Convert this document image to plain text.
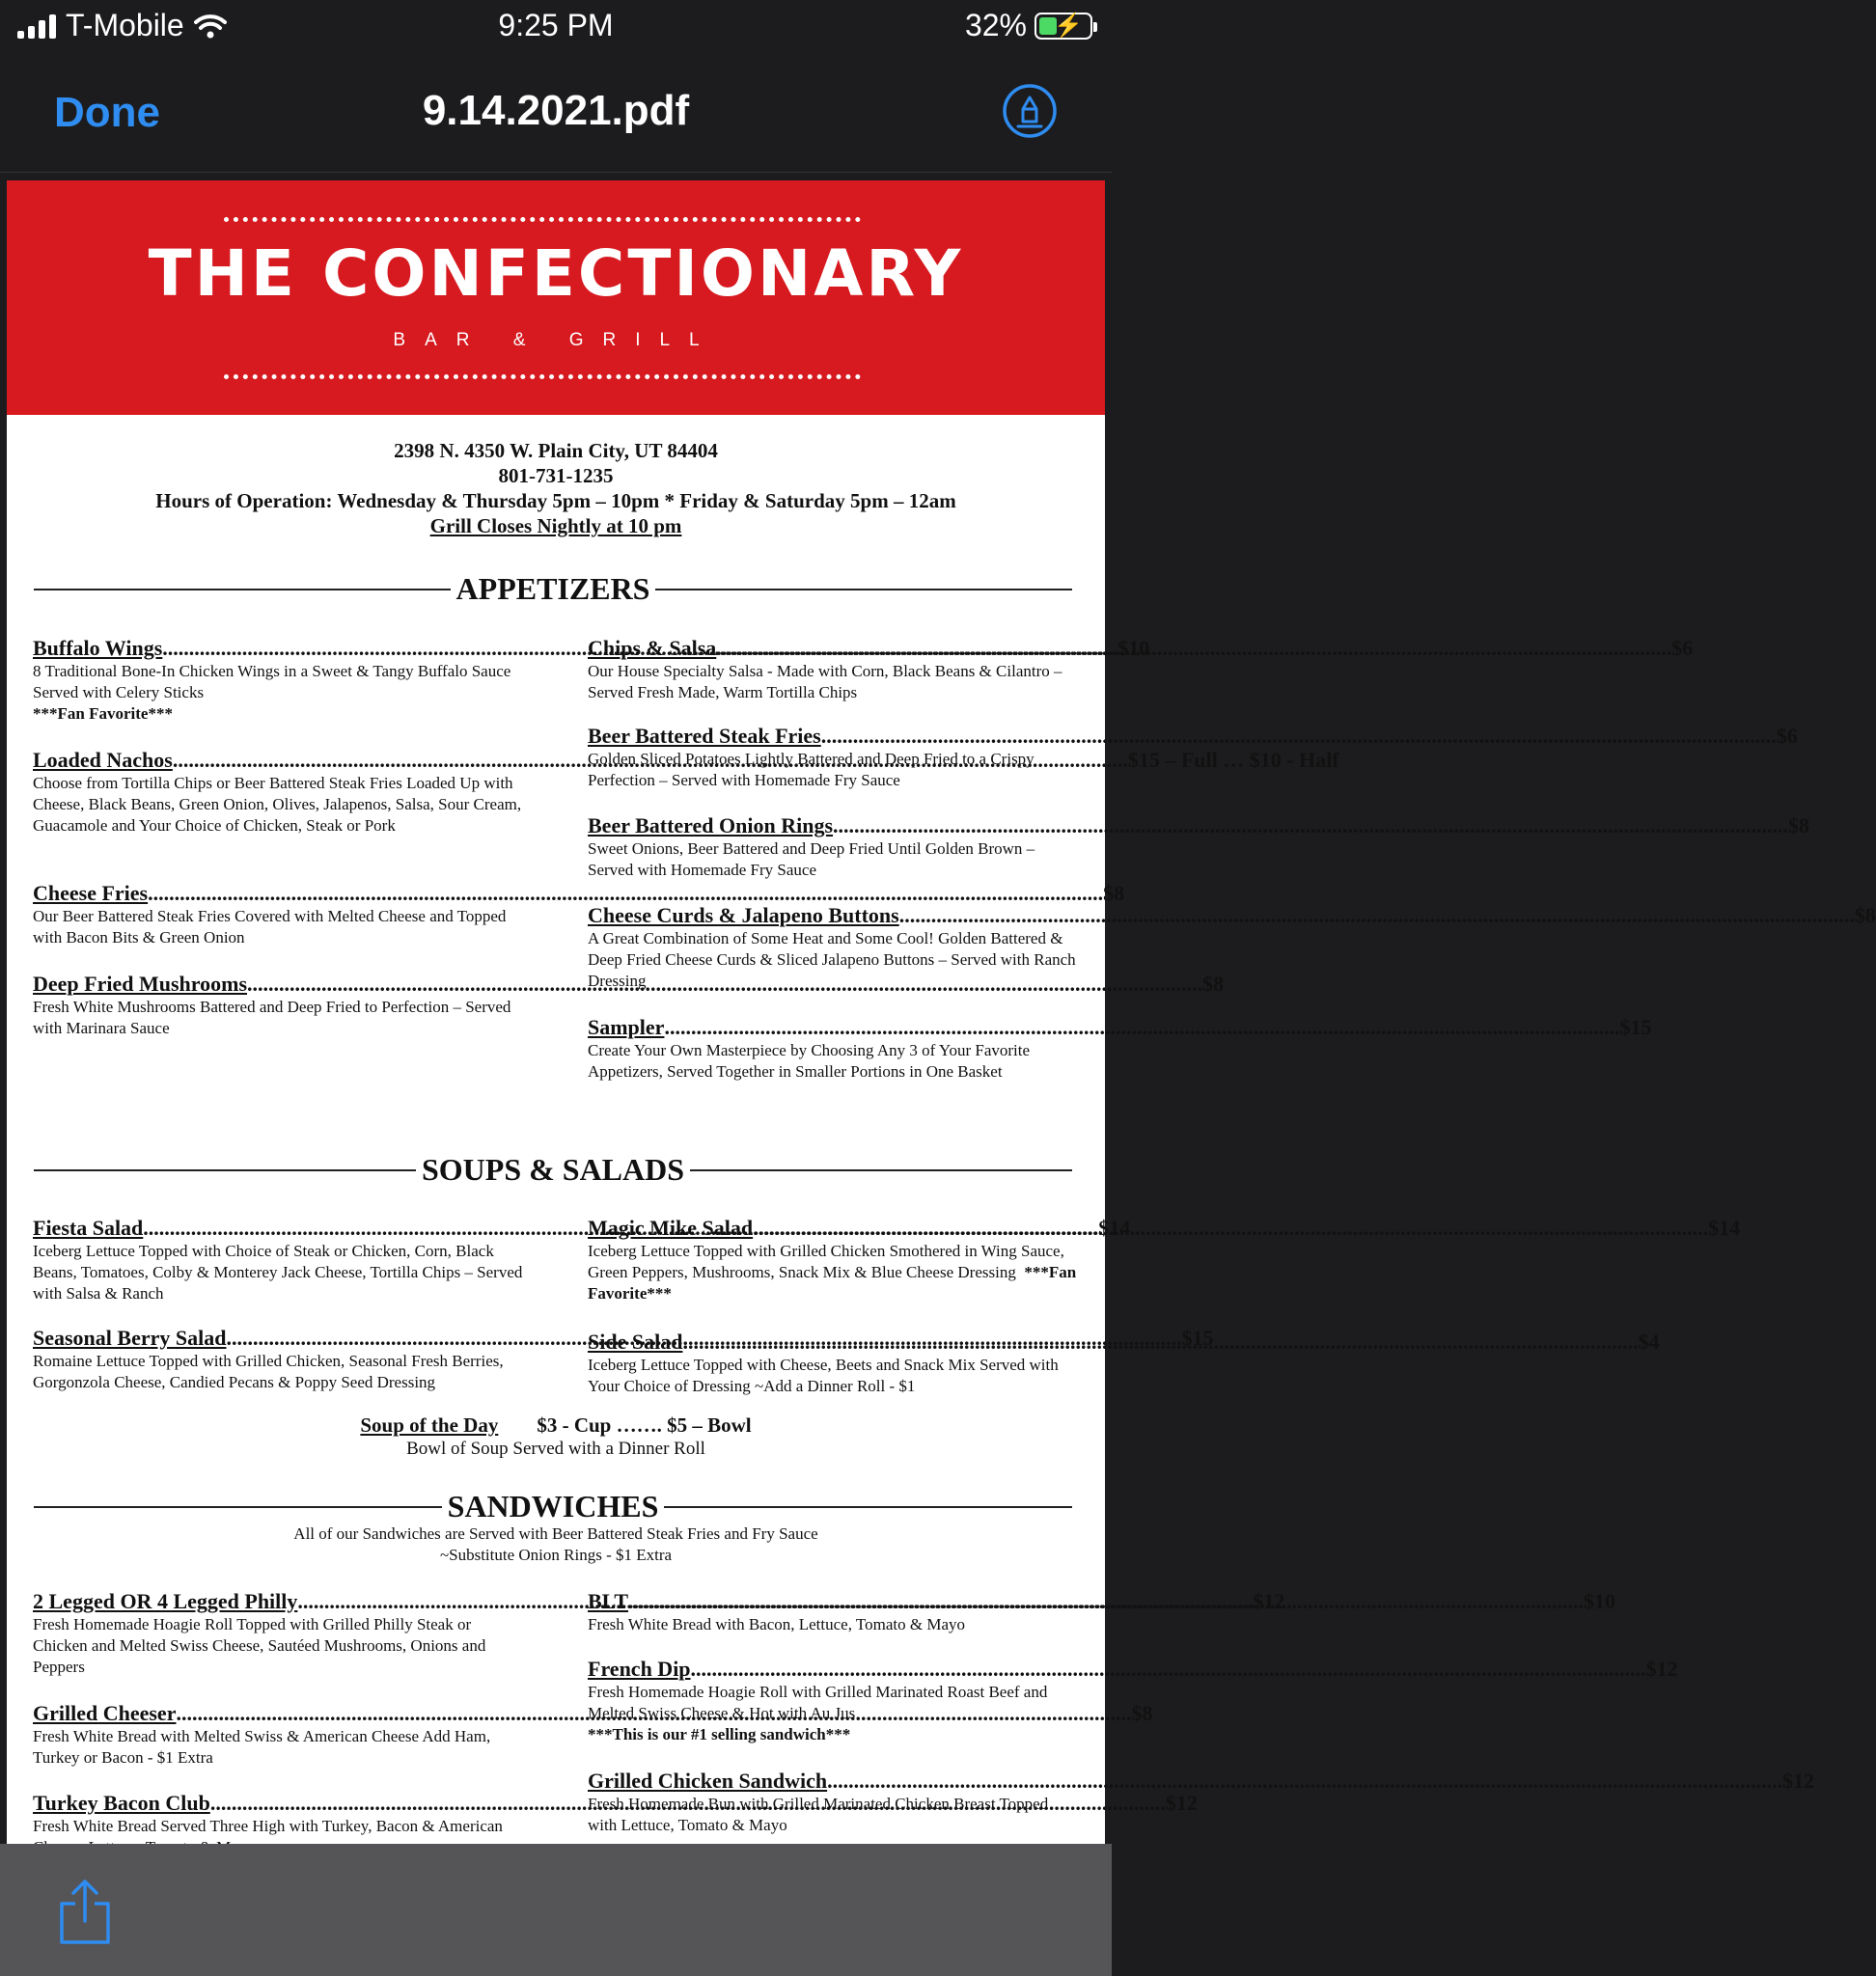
T-Mobile	9:25 PM	32% ⚡
Done	9.14.2021.pdf
THE CONFECTIONARY
BAR & GRILL
2398 N. 4350 W. Plain City, UT 84404
801-731-1235
Hours of Operation: Wednesday & Thursday 5pm – 10pm * Friday & Saturday 5pm – 12am
Grill Closes Nightly at 10 pm
APPETIZERS
Buffalo Wings .....	$10
8 Traditional Bone-In Chicken Wings in a Sweet & Tangy Buffalo Sauce Served with Celery Sticks
***Fan Favorite***
Loaded Nachos .....	$15 – Full … $10 - Half
Choose from Tortilla Chips or Beer Battered Steak Fries Loaded Up with Cheese, Black Beans, Green Onion, Olives, Jalapenos, Salsa, Sour Cream, Guacamole and Your Choice of Chicken, Steak or Pork
Cheese Fries .....	$8
Our Beer Battered Steak Fries Covered with Melted Cheese and Topped with Bacon Bits & Green Onion
Deep Fried Mushrooms .....	$8
Fresh White Mushrooms Battered and Deep Fried to Perfection – Served with Marinara Sauce
Chips & Salsa .....	$6
Our House Specialty Salsa - Made with Corn, Black Beans & Cilantro – Served Fresh Made, Warm Tortilla Chips
Beer Battered Steak Fries .....	$6
Golden Sliced Potatoes Lightly Battered and Deep Fried to a Crispy Perfection – Served with Homemade Fry Sauce
Beer Battered Onion Rings .....	$8
Sweet Onions, Beer Battered and Deep Fried Until Golden Brown – Served with Homemade Fry Sauce
Cheese Curds & Jalapeno Buttons .....	$8
A Great Combination of Some Heat and Some Cool! Golden Battered & Deep Fried Cheese Curds & Sliced Jalapeno Buttons – Served with Ranch Dressing
Sampler .....	$15
Create Your Own Masterpiece by Choosing Any 3 of Your Favorite Appetizers, Served Together in Smaller Portions in One Basket
SOUPS & SALADS
Fiesta Salad .....	$14
Iceberg Lettuce Topped with Choice of Steak or Chicken, Corn, Black Beans, Tomatoes, Colby & Monterey Jack Cheese, Tortilla Chips – Served with Salsa & Ranch
Seasonal Berry Salad .....	$15
Romaine Lettuce Topped with Grilled Chicken, Seasonal Fresh Berries, Gorgonzola Cheese, Candied Pecans & Poppy Seed Dressing
Magic Mike Salad .....	$14
Iceberg Lettuce Topped with Grilled Chicken Smothered in Wing Sauce, Green Peppers, Mushrooms, Snack Mix & Blue Cheese Dressing ***Fan Favorite***
Side Salad .....	$4
Iceberg Lettuce Topped with Cheese, Beets and Snack Mix Served with Your Choice of Dressing ~Add a Dinner Roll - $1
Soup of the Day $3 - Cup ……. $5 – Bowl
Bowl of Soup Served with a Dinner Roll
SANDWICHES
All of our Sandwiches are Served with Beer Battered Steak Fries and Fry Sauce
~Substitute Onion Rings - $1 Extra
2 Legged OR 4 Legged Philly .....	$12
Fresh Homemade Hoagie Roll Topped with Grilled Philly Steak or Chicken and Melted Swiss Cheese, Sautéed Mushrooms, Onions and Peppers
Grilled Cheeser .....	$8
Fresh White Bread with Melted Swiss & American Cheese Add Ham, Turkey or Bacon - $1 Extra
Turkey Bacon Club .....	$12
Fresh White Bread Served Three High with Turkey, Bacon & American
BLT .....	$10
Fresh White Bread with Bacon, Lettuce, Tomato & Mayo
French Dip .....	$12
Fresh Homemade Hoagie Roll with Grilled Marinated Roast Beef and Melted Swiss Cheese & Hot with Au Jus
***This is our #1 selling sandwich***
Grilled Chicken Sandwich .....	$12
Fresh Homemade Bun with Grilled Marinated Chicken Breast Topped with Lettuce, Tomato & Mayo
